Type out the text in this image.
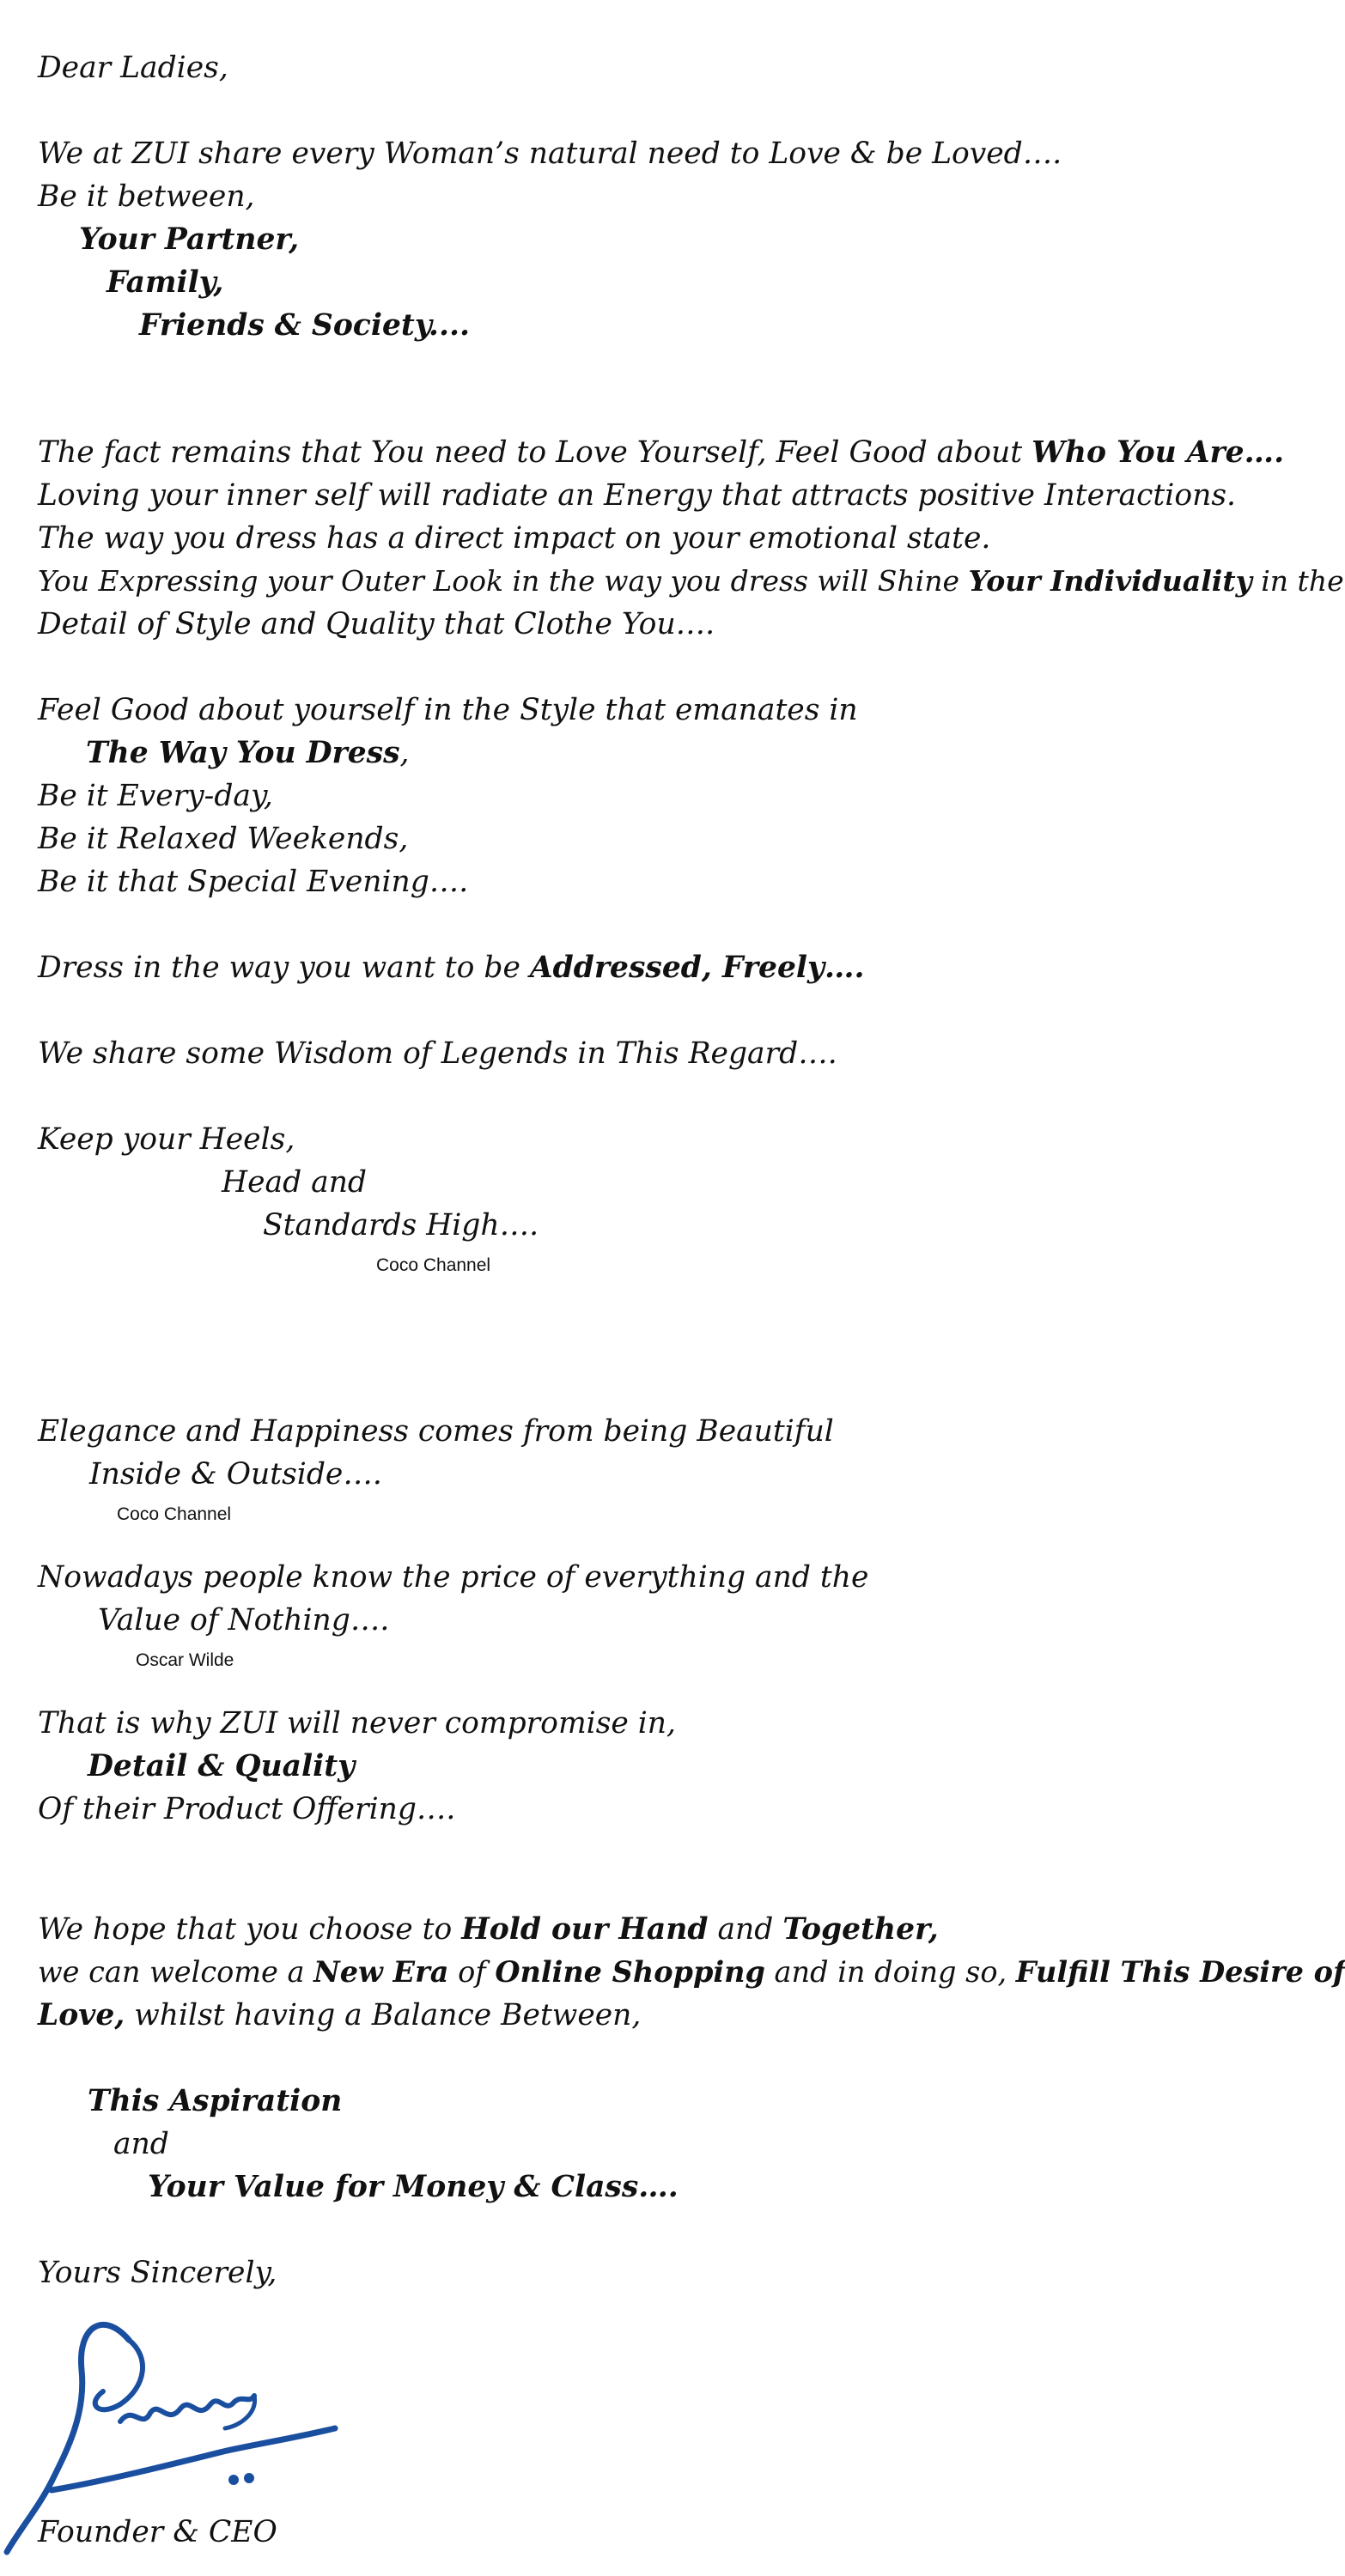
Dear Ladies,
We at ZUI share every Woman’s natural need to Love & be Loved….
Be it between,
Your Partner,
Family,
Friends & Society....
The fact remains that You need to Love Yourself, Feel Good about Who You Are….
Loving your inner self will radiate an Energy that attracts positive Interactions.
The way you dress has a direct impact on your emotional state.
You Expressing your Outer Look in the way you dress will Shine Your Individuality in the
Detail of Style and Quality that Clothe You….
Feel Good about yourself in the Style that emanates in
The Way You Dress,
Be it Every-day,
Be it Relaxed Weekends,
Be it that Special Evening….
Dress in the way you want to be Addressed, Freely….
We share some Wisdom of Legends in This Regard….
Keep your Heels,
Head and
Standards High….
Coco Channel
Elegance and Happiness comes from being Beautiful
Inside & Outside….
Coco Channel
Nowadays people know the price of everything and the
Value of Nothing….
Oscar Wilde
That is why ZUI will never compromise in,
Detail & Quality
Of their Product Offering….
We hope that you choose to Hold our Hand and Together,
we can welcome a New Era of Online Shopping and in doing so, Fulfill This Desire of
Love, whilst having a Balance Between,
This Aspiration
and
Your Value for Money & Class….
Yours Sincerely,
Founder & CEO
